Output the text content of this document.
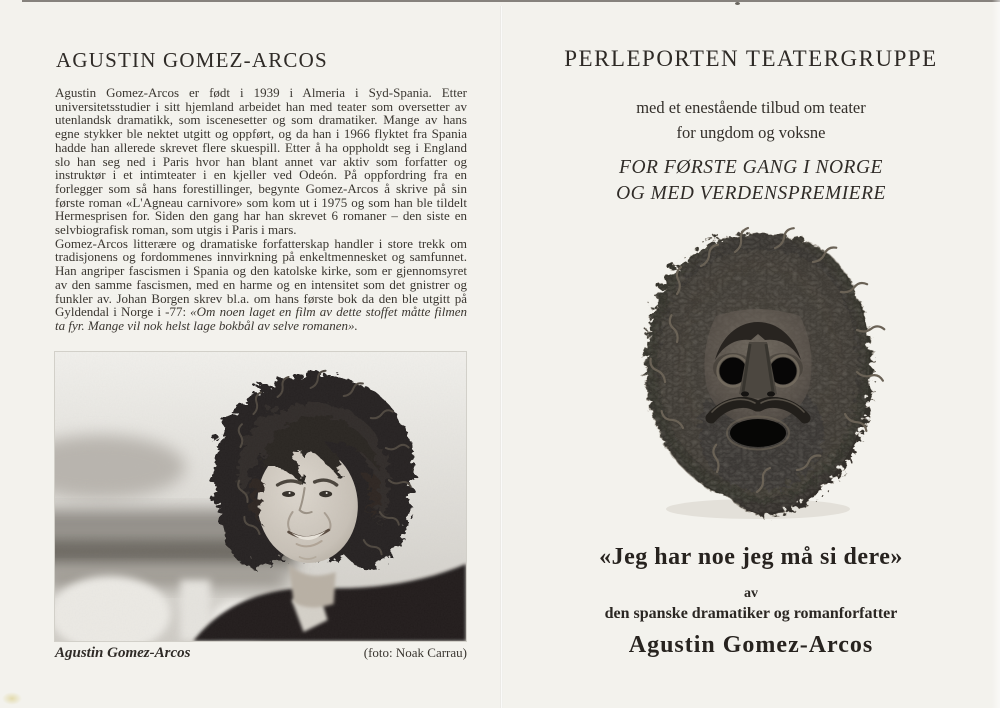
AGUSTIN GOMEZ-ARCOS

Agustin Gomez-Arcos er født i 1939 i Almeria i Syd-Spania. Etter universitetsstudier i sitt hjemland arbeidet han med teater som oversetter av utenlandsk dramatikk, som iscenesetter og som dramatiker. Mange av hans egne stykker ble nektet utgitt og oppført, og da han i 1966 flyktet fra Spania hadde han allerede skrevet flere skuespill. Etter å ha oppholdt seg i England slo han seg ned i Paris hvor han blant annet var aktiv som forfatter og instruktør i et intimteater i en kjeller ved Odeón. På oppfordring fra en forlegger som så hans forestillinger, begynte Gomez-Arcos å skrive på sin første roman «L'Agneau carnivore» som kom ut i 1975 og som han ble tildelt Hermesprisen for. Siden den gang har han skrevet 6 romaner – den siste en selvbiografisk roman, som utgis i Paris i mars.

Gomez-Arcos litterære og dramatiske forfatterskap handler i store trekk om tradisjonens og fordommenes innvirkning på enkeltmennesket og samfunnet. Han angriper fascismen i Spania og den katolske kirke, som er gjennomsyret av den samme fascismen, med en harme og en intensitet som det gnistrer og funkler av. Johan Borgen skrev bl.a. om hans første bok da den ble utgitt på Gyldendal i Norge i -77: «Om noen laget en film av dette stoffet måtte filmen ta fyr. Mange vil nok helst lage bokbål av selve romanen».

Agustin Gomez-Arcos	(foto: Noak Carrau)
PERLEPORTEN TEATERGRUPPE

med et enestående tilbud om teater

for ungdom og voksne

FOR FØRSTE GANG I NORGE

OG MED VERDENSPREMIERE

«Jeg har noe jeg må si dere»

av

den spanske dramatiker og romanforfatter

Agustin Gomez-Arcos
